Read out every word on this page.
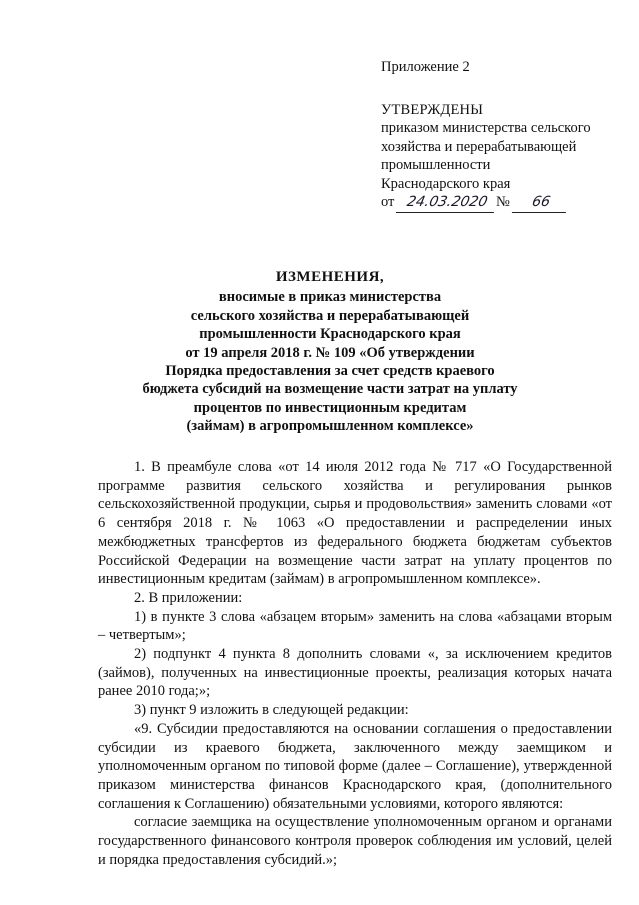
Приложение 2
УТВЕРЖДЕНЫ
приказом министерства сельского
хозяйства и перерабатывающей
промышленности
Краснодарского края
от 24.03.2020 № 66
ИЗМЕНЕНИЯ,
вносимые в приказ министерства
сельского хозяйства и перерабатывающей
промышленности Краснодарского края
от 19 апреля 2018 г. № 109 «Об утверждении
Порядка предоставления за счет средств краевого
бюджета субсидий на возмещение части затрат на уплату
процентов по инвестиционным кредитам
(займам) в агропромышленном комплексе»

1. В преамбуле слова «от 14 июля 2012 года № 717 «О Государственной программе развития сельского хозяйства и регулирования рынков сельскохозяйственной продукции, сырья и продовольствия» заменить словами «от 6 сентября 2018 г. № 1063 «О предоставлении и распределении иных межбюджетных трансфертов из федерального бюджета бюджетам субъектов Российской Федерации на возмещение части затрат на уплату процентов по инвестиционным кредитам (займам) в агропромышленном комплексе».

2. В приложении:

1) в пункте 3 слова «абзацем вторым» заменить на слова «абзацами вторым – четвертым»;

2) подпункт 4 пункта 8 дополнить словами «, за исключением кредитов (займов), полученных на инвестиционные проекты, реализация которых начата ранее 2010 года;»;

3) пункт 9 изложить в следующей редакции:

«9. Субсидии предоставляются на основании соглашения о предоставлении субсидии из краевого бюджета, заключенного между заемщиком и уполномоченным органом по типовой форме (далее – Соглашение), утвержденной приказом министерства финансов Краснодарского края, (дополнительного соглашения к Соглашению) обязательными условиями, которого являются:

согласие заемщика на осуществление уполномоченным органом и органами государственного финансового контроля проверок соблюдения им условий, целей и порядка предоставления субсидий.»;
